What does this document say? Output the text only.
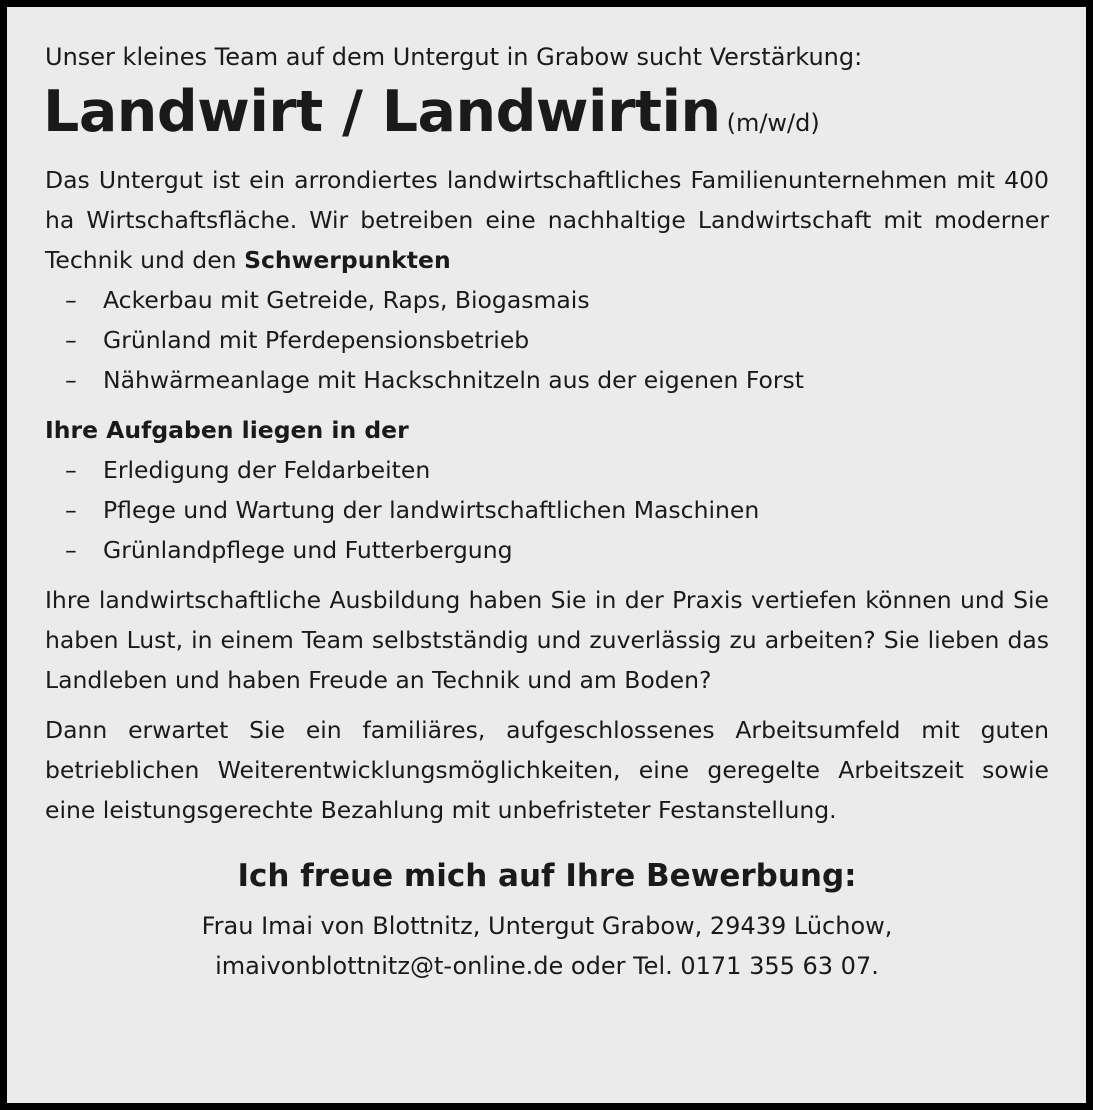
Unser kleines Team auf dem Untergut in Grabow sucht Verstärkung:

Landwirt / Landwirtin (m/w/d)

Das Untergut ist ein arrondiertes landwirtschaftliches Familienunternehmen mit 400 ha Wirtschaftsfläche. Wir betreiben eine nachhaltige Landwirtschaft mit moderner Technik und den Schwerpunkten

– Ackerbau mit Getreide, Raps, Biogasmais
– Grünland mit Pferdepensionsbetrieb
– Nähwärmeanlage mit Hackschnitzeln aus der eigenen Forst
Ihre Aufgaben liegen in der
– Erledigung der Feldarbeiten
– Pflege und Wartung der landwirtschaftlichen Maschinen
– Grünlandpflege und Futterbergung

Ihre landwirtschaftliche Ausbildung haben Sie in der Praxis vertiefen können und Sie haben Lust, in einem Team selbstständig und zuverlässig zu arbeiten? Sie lieben das Landleben und haben Freude an Technik und am Boden?

Dann erwartet Sie ein familiäres, aufgeschlossenes Arbeitsumfeld mit guten betrieblichen Weiterentwicklungsmöglichkeiten, eine geregelte Arbeitszeit sowie eine leistungsgerechte Bezahlung mit unbefristeter Festanstellung.

Ich freue mich auf Ihre Bewerbung:

Frau Imai von Blottnitz, Untergut Grabow, 29439 Lüchow,

imaivonblottnitz@t-online.de oder Tel. 0171 355 63 07.
